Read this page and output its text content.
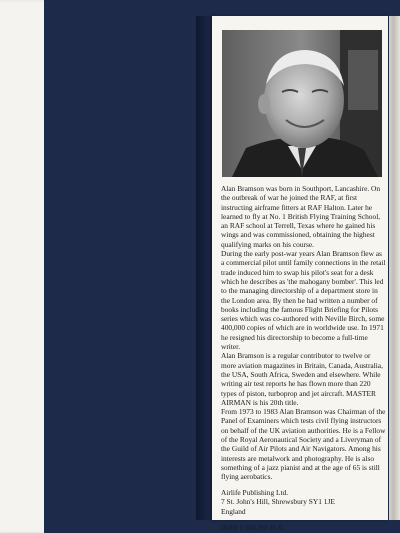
Alan Bramson was born in Southport, Lancashire. On the outbreak of war he joined the RAF, at first instructing airframe fitters at RAF Halton. Later he learned to fly at No. 1 British Flying Training School, an RAF school at Terrell, Texas where he gained his wings and was commissioned, obtaining the highest qualifying marks on his course.

During the early post-war years Alan Bramson flew as a commercial pilot until family connections in the retail trade induced him to swap his pilot's seat for a desk which he describes as 'the mahogany bomber'. This led to the managing directorship of a department store in the London area. By then he had written a number of books including the famous Flight Briefing for Pilots series which was co-authored with Neville Birch, some 400,000 copies of which are in worldwide use. In 1971 he resigned his directorship to become a full-time writer.

Alan Bramson is a regular contributor to twelve or more aviation magazines in Britain, Canada, Australia, the USA, South Africa, Sweden and elsewhere. While writing air test reports he has flown more than 220 types of piston, turboprop and jet aircraft. MASTER AIRMAN is his 20th title.

From 1973 to 1983 Alan Bramson was Chairman of the Panel of Examiners which tests civil flying instructors on behalf of the UK aviation authorities. He is a Fellow of the Royal Aeronautical Society and a Liveryman of the Guild of Air Pilots and Air Navigators. Among his interests are metalwork and photography. He is also something of a jazz pianist and at the age of 65 is still flying aerobatics.

Airlife Publishing Ltd.
7 St. John's Hill, Shrewsbury SY1 1JE
England
ISBN 0 906393 45 0
